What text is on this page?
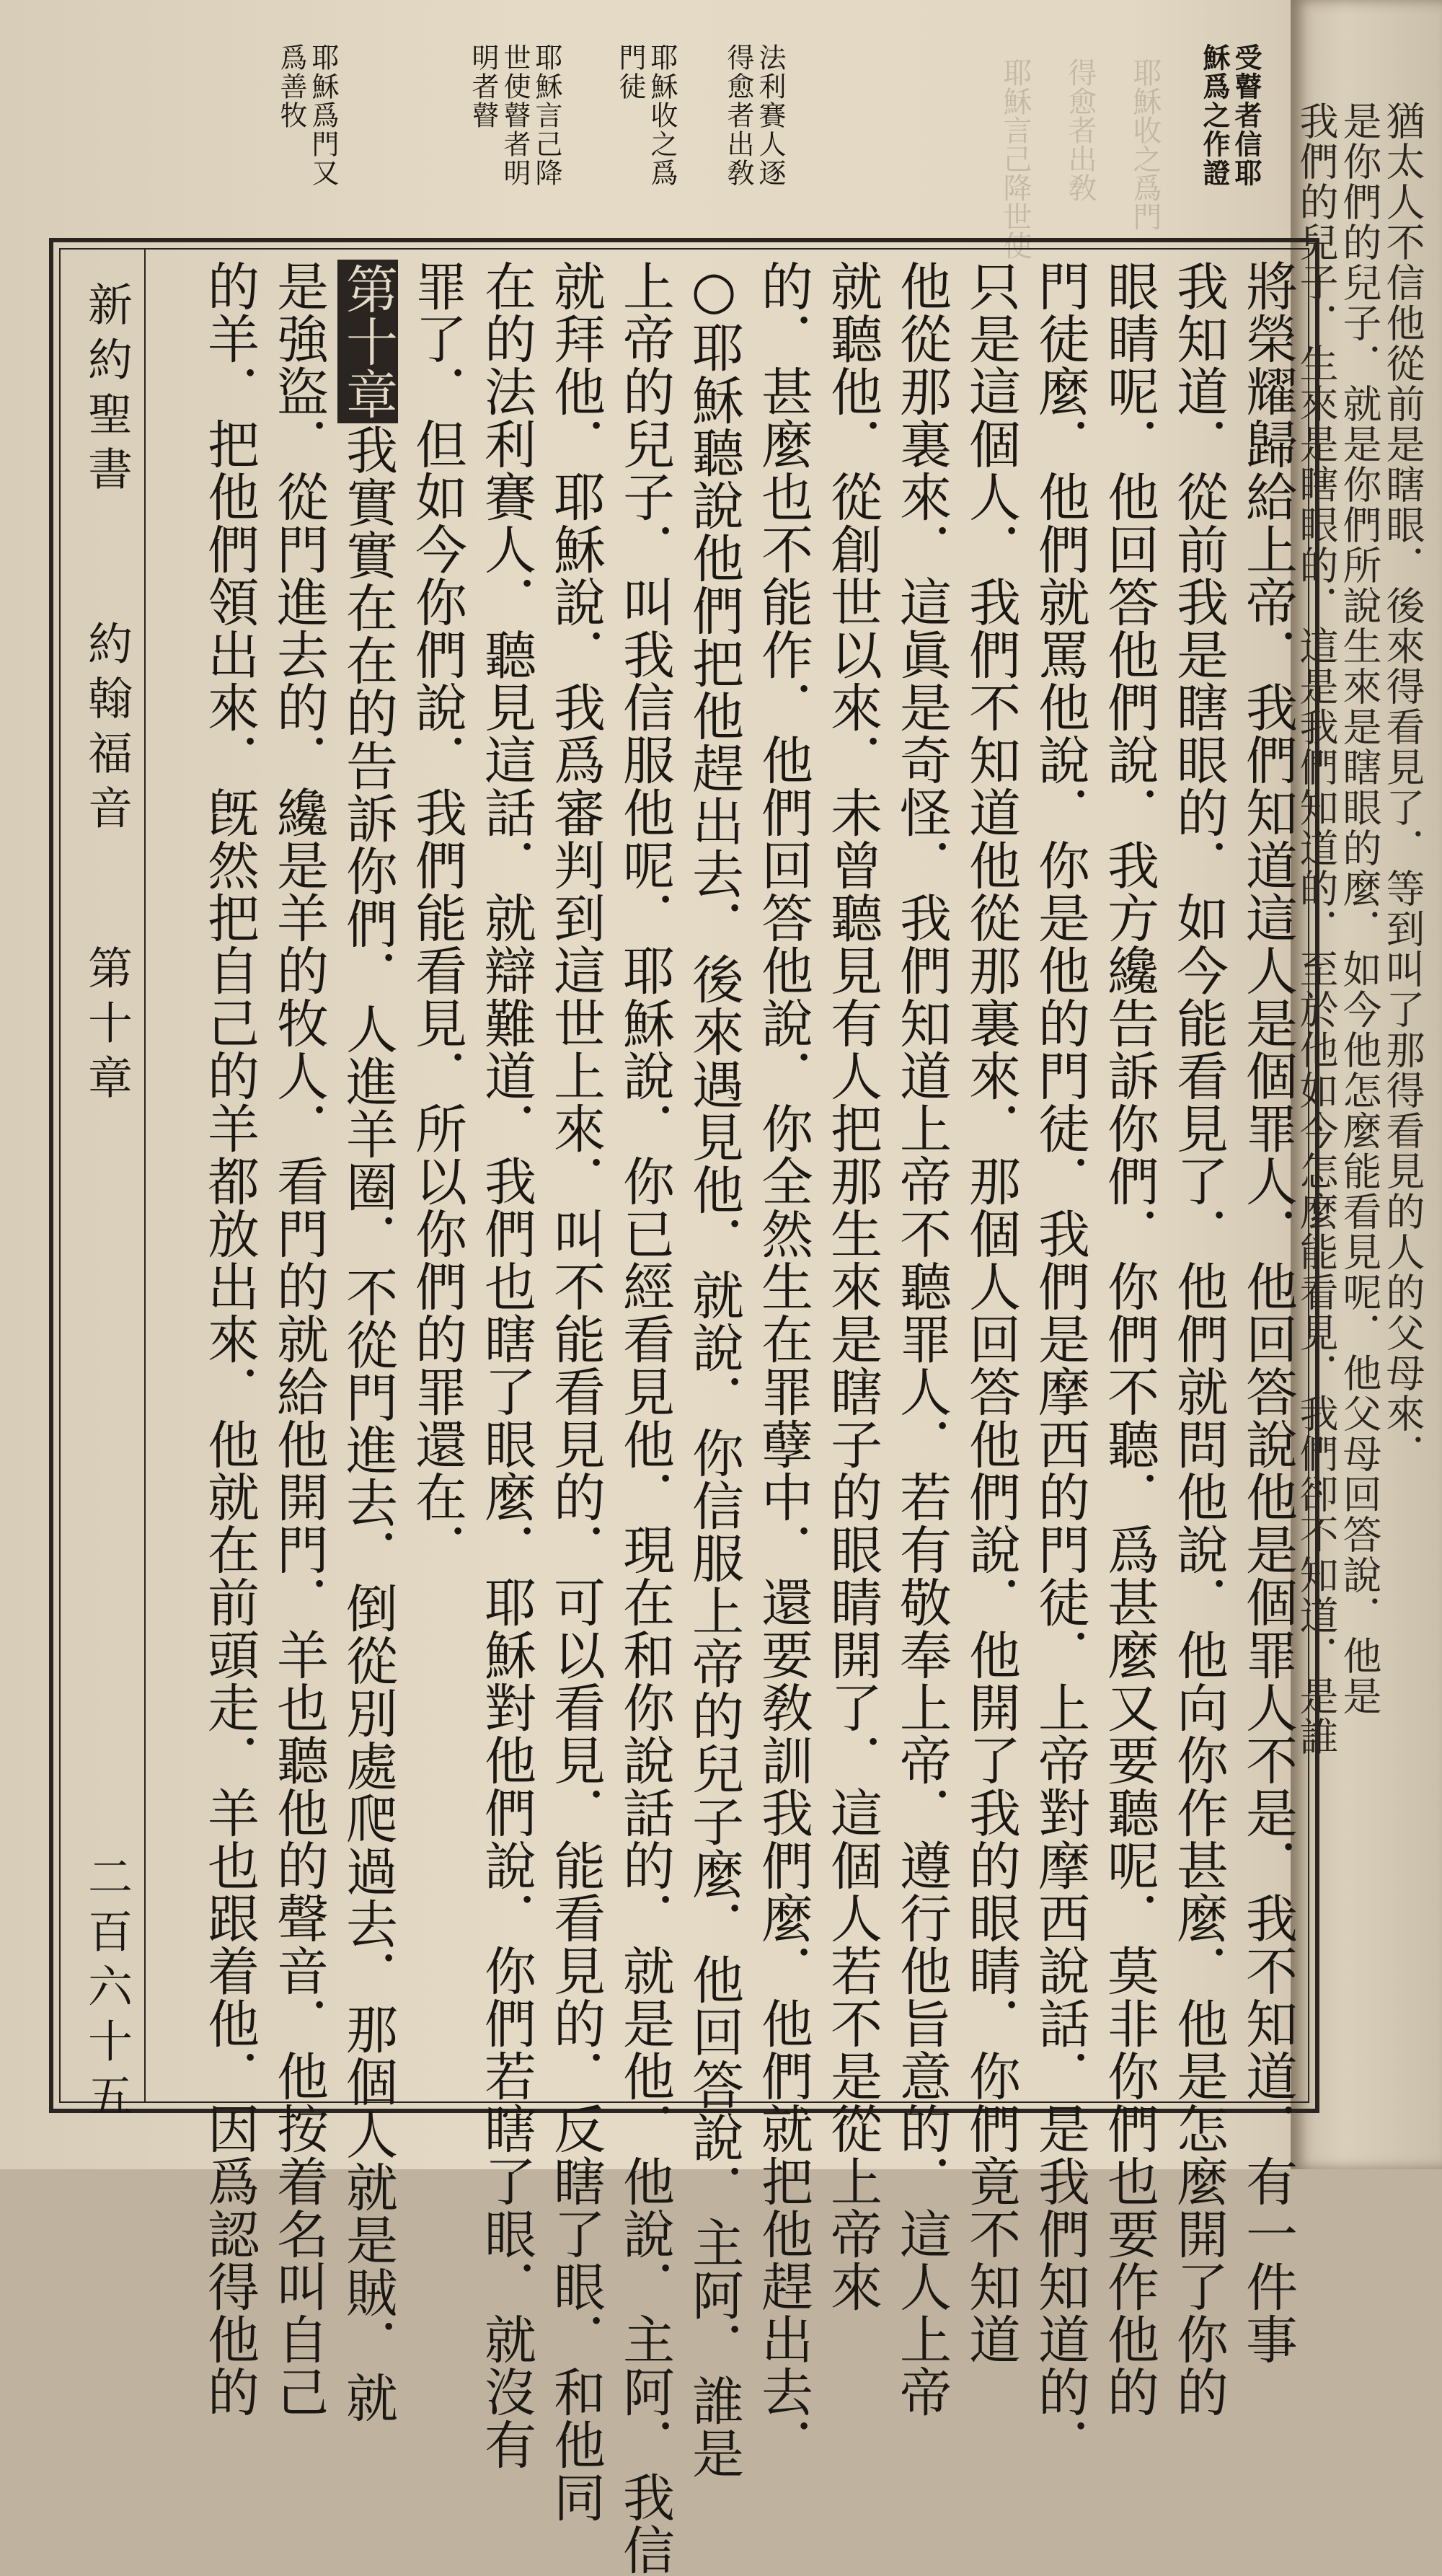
耶穌言己降世使 得愈者出敎 耶穌收之爲門	受瞽者信耶
穌爲之作證
法利賽人逐
得愈者出敎
耶穌收之爲
門徒
耶穌言己降
世使瞽者明
明者瞽
耶穌爲門又
爲善牧
新約聖書
約翰福音
第十章
二百六十五	將榮耀歸給上帝．我們知道這人是個罪人．他回答說他是個罪人不是．我不知道．有一件事
我知道．從前我是瞎眼的．如今能看見了．他們就問他說．他向你作甚麼．他是怎麼開了你的
眼睛呢．他回答他們說．我方纔告訴你們．你們不聽．爲甚麼又要聽呢．莫非你們也要作他的
門徒麼．他們就罵他說．你是他的門徒．我們是摩西的門徒．上帝對摩西說話．是我們知道的．
只是這個人．我們不知道他從那裏來．那個人回答他們說．他開了我的眼睛．你們竟不知道
他從那裏來．這眞是奇怪．我們知道上帝不聽罪人．若有敬奉上帝．遵行他旨意的．這人上帝
就聽他．從創世以來．未曾聽見有人把那生來是瞎子的眼睛開了．這個人若不是從上帝來
的．甚麼也不能作．他們回答他說．你全然生在罪孽中．還要敎訓我們麼．他們就把他趕出去．
○耶穌聽說他們把他趕出去．後來遇見他．就說．你信服上帝的兒子麼．他回答說．主阿．誰是
上帝的兒子．叫我信服他呢．耶穌說．你已經看見他．現在和你說話的．就是他．他說．主阿．我信
就拜他．耶穌說．我爲審判到這世上來．叫不能看見的．可以看見．能看見的．反瞎了眼．和他同
在的法利賽人．聽見這話．就辯難道．我們也瞎了眼麼．耶穌對他們說．你們若瞎了眼．就沒有
罪了．但如今你們說．我們能看見．所以你們的罪還在．
第十章我實實在在的告訴你們．人進羊圈．不從門進去．倒從別處爬過去．那個人就是賊．就
是強盜．從門進去的．纔是羊的牧人．看門的就給他開門．羊也聽他的聲音．他按着名叫自己
的羊．把他們領出來．旣然把自己的羊都放出來．他就在前頭走．羊也跟着他．因爲認得他的	猶太人不信他從前是瞎眼．後來得看見了．等到叫了那得看見的人的父母來．
是你們的兒子．就是你們所說生來是瞎眼的麼．如今他怎麼能看見呢．他父母回答說．他是
我們的兒子．生來是瞎眼的．這是我們知道的．至於他如今怎麼能看見．我們卻不知道．是誰
